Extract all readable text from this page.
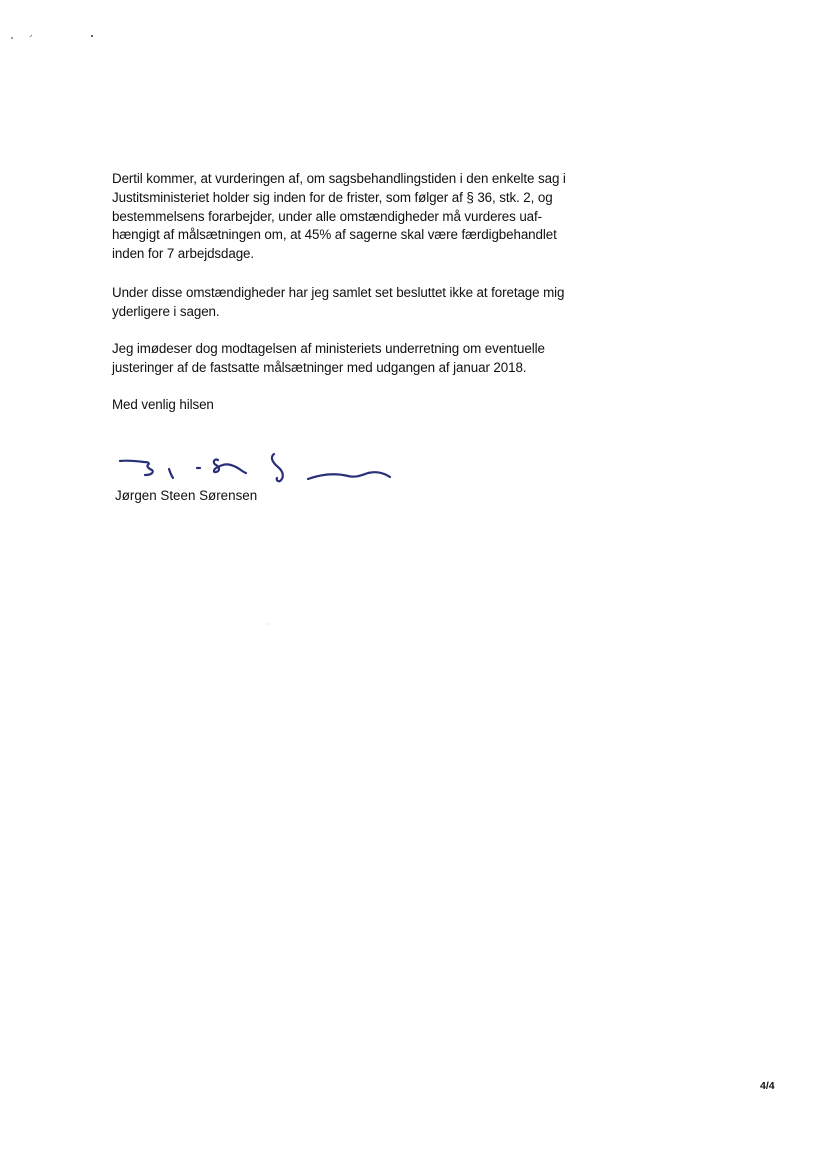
Dertil kommer, at vurderingen af, om sagsbehandlingstiden i den enkelte sag i
Justitsministeriet holder sig inden for de frister, som følger af § 36, stk. 2, og
bestemmelsens forarbejder, under alle omstændigheder må vurderes uaf-
hængigt af målsætningen om, at 45% af sagerne skal være færdigbehandlet
inden for 7 arbejdsdage.

Under disse omstændigheder har jeg samlet set besluttet ikke at foretage mig
yderligere i sagen.

Jeg imødeser dog modtagelsen af ministeriets underretning om eventuelle
justeringer af de fastsatte målsætninger med udgangen af januar 2018.

Med venlig hilsen

Jørgen Steen Sørensen
4/4
